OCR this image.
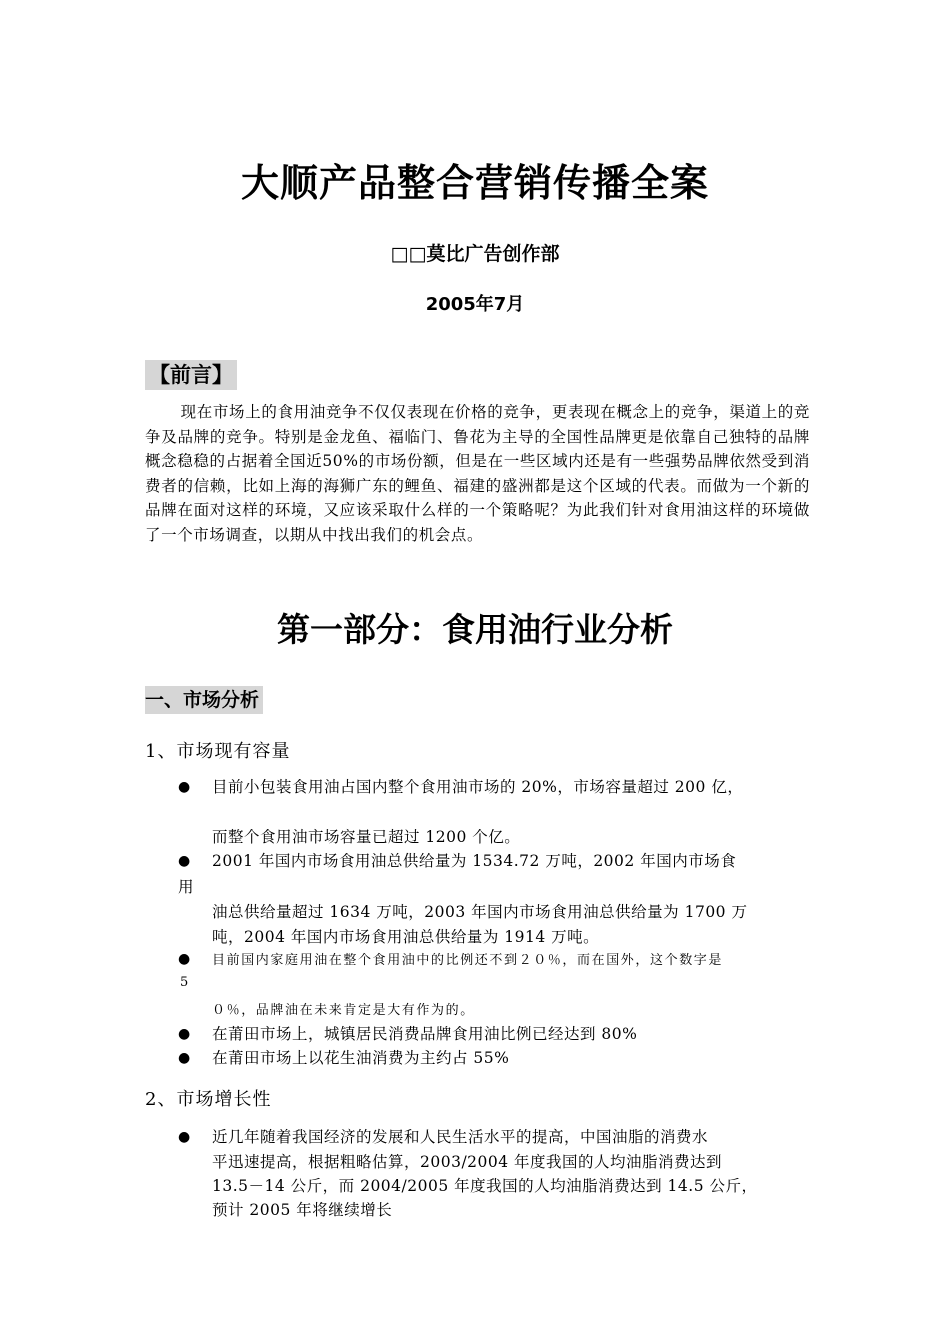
大顺产品整合营销传播全案
□□莫比广告创作部
2005年7月
【前言】
现在市场上的食用油竞争不仅仅表现在价格的竞争，更表现在概念上的竞争，渠道上的竞争及品牌的竞争。特别是金龙鱼、福临门、鲁花为主导的全国性品牌更是依靠自己独特的品牌概念稳稳的占据着全国近50%的市场份额，但是在一些区域内还是有一些强势品牌依然受到消费者的信赖，比如上海的海狮广东的鲤鱼、福建的盛洲都是这个区域的代表。而做为一个新的品牌在面对这样的环境，又应该采取什么样的一个策略呢？为此我们针对食用油这样的环境做了一个市场调查，以期从中找出我们的机会点。
第一部分：食用油行业分析
一、市场分析
1、市场现有容量
● 目前小包装食用油占国内整个食用油市场的 20%，市场容量超过 200 亿，
而整个食用油市场容量已超过 1200 个亿。
● 2001 年国内市场食用油总供给量为 1534.72 万吨，2002 年国内市场食
用
油总供给量超过 1634 万吨，2003 年国内市场食用油总供给量为 1700 万
吨，2004 年国内市场食用油总供给量为 1914 万吨。
● 目前国内家庭用油在整个食用油中的比例还不到２０％，而在国外，这个数字是
5
０％，品牌油在未来肯定是大有作为的。
● 在莆田市场上，城镇居民消费品牌食用油比例已经达到 80%
● 在莆田市场上以花生油消费为主约占 55%
2、市场增长性
● 近几年随着我国经济的发展和人民生活水平的提高，中国油脂的消费水
平迅速提高，根据粗略估算，2003/2004 年度我国的人均油脂消费达到
13.5－14 公斤，而 2004/2005 年度我国的人均油脂消费达到 14.5 公斤，
预计 2005 年将继续增长
